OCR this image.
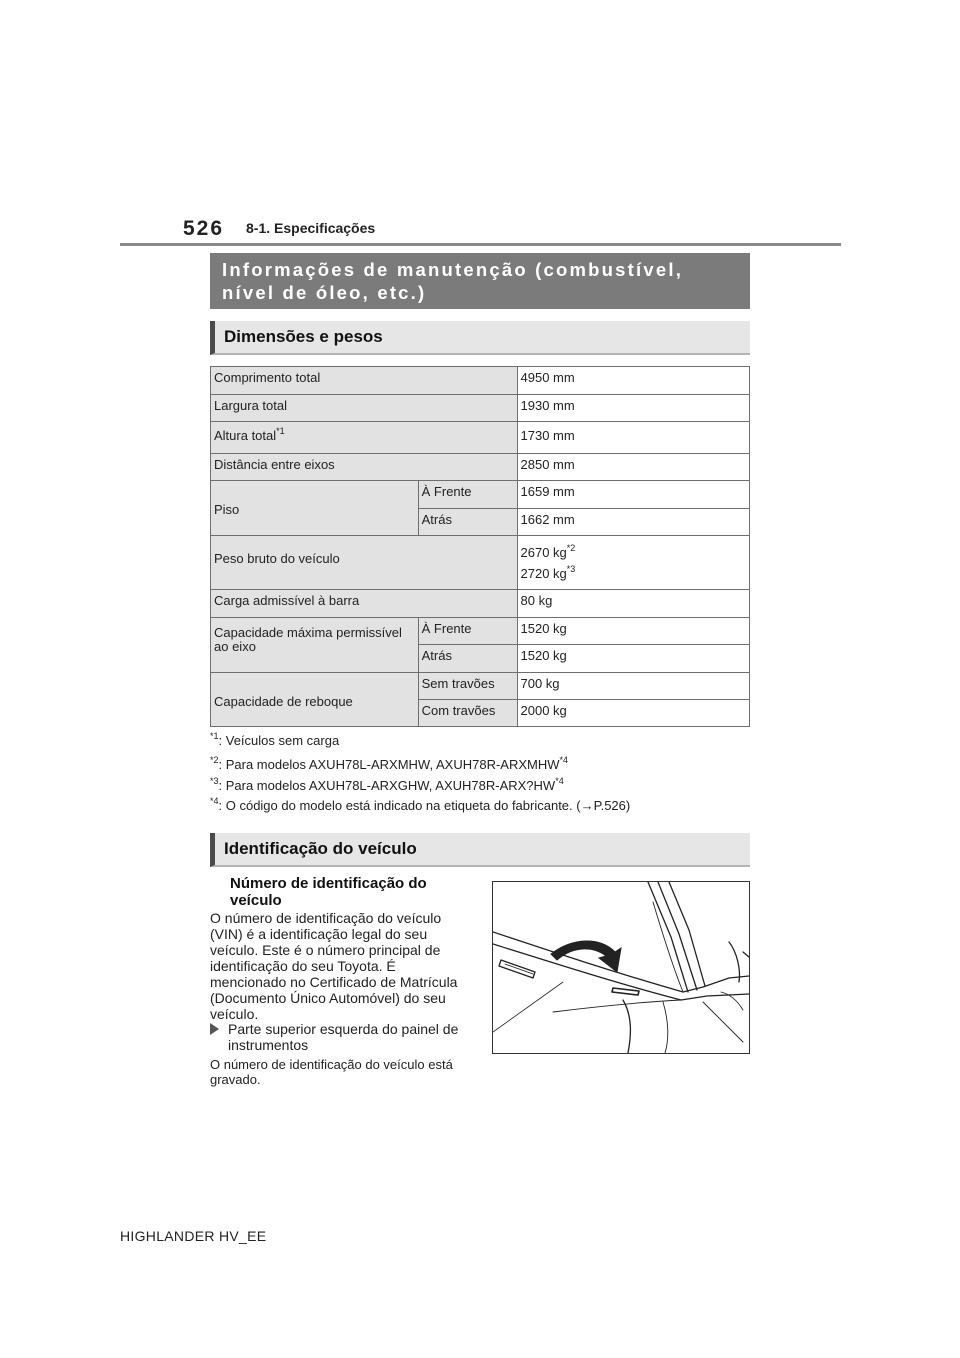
526 8-1. Especificações
Informações de manutenção (combustível, nível de óleo, etc.)
Dimensões e pesos
Comprimento total		4950 mm
Largura total		1930 mm
Altura total$^{*1}$		1730 mm
Distância entre eixos		2850 mm
Piso	À Frente	1659 mm
	Atrás	1662 mm
Peso bruto do veículo		2670 $kg^{*2}$
2720 $kg^{*3}$

Carga admissível à barra		80 kg
Capacidade máxima permissível ao eixo	À Frente	1520 kg
	Atrás	1520 kg
Capacidade de reboque	Sem travões	700 kg
	Com travões	2000 kg
$^{*1}$: Veículos sem carga
$^{*2}$: Para modelos AXUH78L-ARXMHW, AXUH78R-ARXMHW$^{*4}$
$^{*3}$: Para modelos AXUH78L-ARXGHW, AXUH78R-ARX?HW$^{*4}$
$^{*4}$: O código do modelo está indicado na etiqueta do fabricante. (→P.526)
Identificação do veículo
Número de identificação do veículo
O número de identificação do veículo (VIN) é a identificação legal do seu veículo. Este é o número principal de identificação do seu Toyota. É mencionado no Certificado de Matrícula (Documento Único Automóvel) do seu veículo.
Parte superior esquerda do painel de instrumentos
O número de identificação do veículo está gravado.
HIGHLANDER HV_EE
